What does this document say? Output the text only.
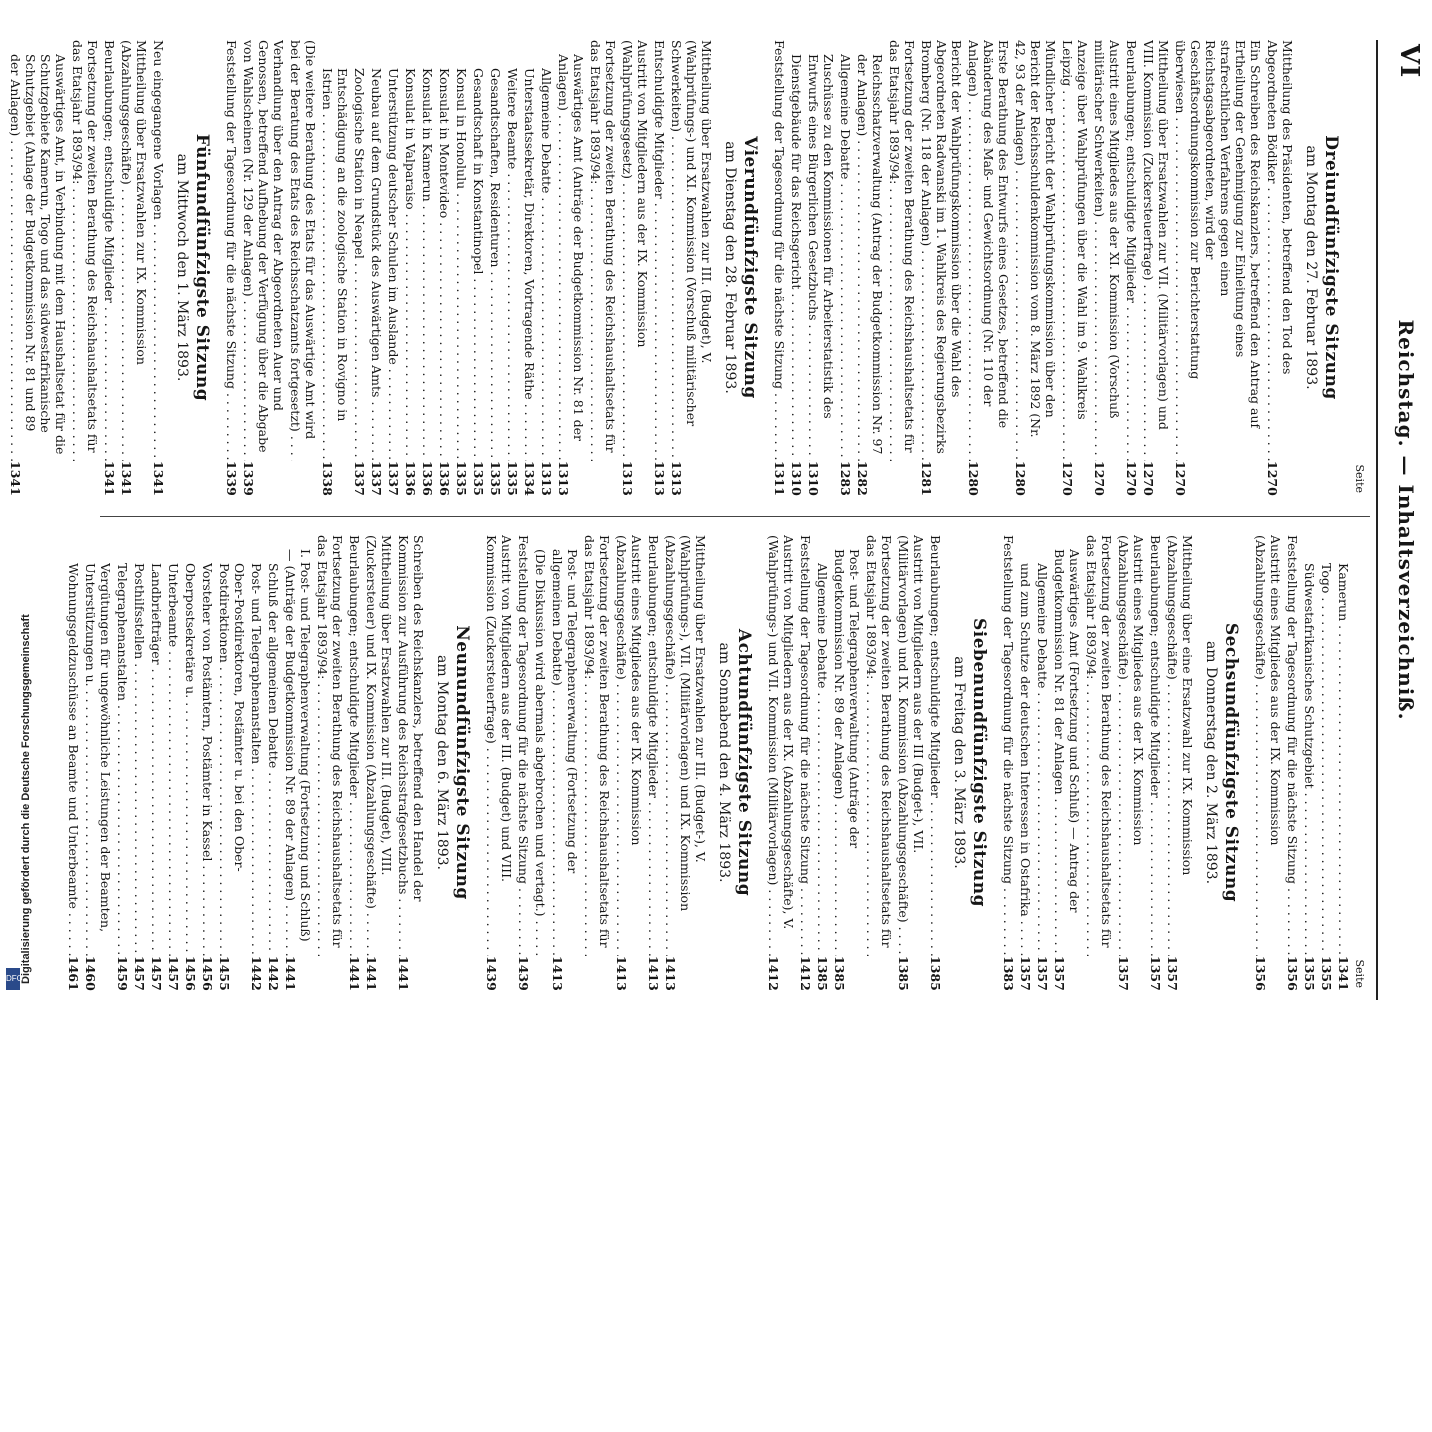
VI
Reichstag. — Inhaltsverzeichniß.
Seite
Dreiundfünfzigste Sitzung
am Montag den 27. Februar 1893.
Mittheilung des Präsidenten, betreffend den Tod des Abgeordneten Bödiker . . .
1270
Ein Schreiben des Reichskanzlers, betreffend den Antrag auf Ertheilung der Genehmigung zur Einleitung eines strafrechtlichen Verfahrens gegen einen Reichstagsabgeordneten, wird der Geschäftsordnungskommission zur Berichterstattung überwiesen . . .
1270
Mittheilung über Ersatzwahlen zur VII. (Militärvorlagen) und VIII. Kommission (Zuckersteuerfrage) . . .
1270
Beurlaubungen; entschuldigte Mitglieder . . .
1270
Austritt eines Mitgliedes aus der XI. Kommission (Vorschuß militärischer Schwerkeiten) . . .
1270
Anzeige über Wahlprüfungen über die Wahl im 9. Wahlkreis Leipzig . . .
1270
Mündlicher Bericht der Wahlprüfungskommission über den Bericht der Reichsschuldenkommission vom 8. März 1892 (Nr. 42, 93 der Anlagen) . . .
1280
Erste Berathung des Entwurfs eines Gesetzes, betreffend die Abänderung des Maß- und Gewichtsordnung (Nr. 110 der Anlagen) . . .
1280
Bericht der Wahlprüfungskommission über die Wahl des Abgeordneten Radwanski im 1. Wahlkreis des Regierungsbezirks Bromberg (Nr. 118 der Anlagen) . . .
1281
Fortsetzung der zweiten Berathung des Reichshaushaltsetats für das Etatsjahr 1893/94: . . .
Reichsschatzverwaltung (Antrag der Budgetkommission Nr. 97 der Anlagen) . . .
1282
Allgemeine Debatte . . .
1283
Zuschüsse zu den Kommissionen für Arbeiterstatistik des Entwurfs eines Bürgerlichen Gesetzbuchs . . .
1310
Dienstgebäude für das Reichsgericht . . .
1310
Feststellung der Tagesordnung für die nächste Sitzung . . .
1311
Vierundfünfzigste Sitzung
am Dienstag den 28. Februar 1893.
Mittheilung über Ersatzwahlen zur III. (Budget), V. (Wahlprüfungs-) und XI. Kommission (Vorschuß militärischer Schwerkeiten) . . .
1313
Entschuldigte Mitglieder . . .
1313
Austritt von Mitgliedern aus der IX. Kommission (Wahlprüfungsgesetz) . . .
1313
Fortsetzung der zweiten Berathung des Reichshaushaltsetats für das Etatsjahr 1893/94: . . .
Auswärtiges Amt (Anträge der Budgetkommission Nr. 81 der Anlagen) . . .
1313
Allgemeine Debatte . . .
1313
Unterstaatssekretär, Direktoren, Vortragende Räthe . . .
1334
Weitere Beamte . . .
1335
Gesandtschaften, Residenturen . . .
1335
Gesandtschaft in Konstantinopel . . .
1335
Konsul in Honolulu . . .
1335
Konsulat in Montevideo . . .
1336
Konsulat in Kamerun . . .
1336
Konsulat in Valparaiso . . .
1336
Unterstützung deutscher Schulen im Auslande . . .
1337
Neubau auf dem Grundstück des Auswärtigen Amts . . .
1337
Zoologische Station in Neapel . . .
1337
Entschädigung an die zoologische Station in Rovigno in Istrien . . .
1338
(Die weitere Berathung des Etats für das Auswärtige Amt wird bei der Beratung des Etats des Reichsschatzamts fortgesetzt) . . .
Verhandlung über den Antrag der Abgeordneten Auer und Genossen, betreffend Aufhebung der Verfügung über die Abgabe von Wahlscheinen (Nr. 129 der Anlagen) . . .
1339
Feststellung der Tagesordnung für die nächste Sitzung . . .
1339
Fünfundfünfzigste Sitzung
am Mittwoch den 1. März 1893.
Neu eingegangene Vorlagen . . .
1341
Mittheilung über Ersatzwahlen zur IX. Kommission (Abzahlungsgeschäfte) . . .
1341
Beurlaubungen; entschuldigte Mitglieder . . .
1341
Fortsetzung der zweiten Berathung des Reichshaushaltsetats für das Etatsjahr 1893/94: . . .
Auswärtiges Amt, in Verbindung mit dem Haushaltsetat für die Schutzgebiete Kamerun, Togo und das südwestafrikanische Schutzgebiet (Anlage der Budgetkommission Nr. 81 und 89 der Anlagen) . . .
1341
Seite
Kamerun . . .
1341
Togo . . .
1355
Südwestafrikanisches Schutzgebiet . . .
1355
Feststellung der Tagesordnung für die nächste Sitzung . . .
1356
Austritt eines Mitgliedes aus der IX. Kommission (Abzahlungsgeschäfte) . . .
1356
Sechsundfünfzigste Sitzung
am Donnerstag den 2. März 1893.
Mittheilung über eine Ersatzwahl zur IX. Kommission (Abzahlungsgeschäfte) . . .
1357
Beurlaubungen; entschuldigte Mitglieder . . .
1357
Austritt eines Mitgliedes aus der IX. Kommission (Abzahlungsgeschäfte) . . .
1357
Fortsetzung der zweiten Berathung des Reichshaushaltsetats für das Etatsjahr 1893/94: . . .
Auswärtiges Amt (Fortsetzung und Schluß) — Antrag der Budgetkommission Nr. 81 der Anlagen . . .
1357
Allgemeine Debatte . . .
1357
und zum Schutze der deutschen Interessen in Ostafrika . . .
1357
Feststellung der Tagesordnung für die nächste Sitzung . . .
1383
Siebenundfünfzigste Sitzung
am Freitag den 3. März 1893.
Beurlaubungen; entschuldigte Mitglieder . . .
1385
Austritt von Mitgliedern aus der III (Budget-), VII. (Militärvorlagen) und IX. Kommission (Abzahlungsgeschäfte) . . .
1385
Fortsetzung der zweiten Berathung des Reichshaushaltsetats für das Etatsjahr 1893/94: . . .
Post- und Telegraphenverwaltung (Anträge der Budgetkommission Nr. 89 der Anlagen) . . .
1385
Allgemeine Debatte . . .
1385
Feststellung der Tagesordnung für die nächste Sitzung . . .
1412
Austritt von Mitgliedern aus der IX. (Abzahlungsgeschäfte), V. (Wahlprüfungs-) und VII. Kommission (Militärvorlagen) . . .
1412
Achtundfünfzigste Sitzung
am Sonnabend den 4. März 1893.
Mittheilung über Ersatzwahlen zur III. (Budget-), V. (Wahlprüfungs-), VII. (Militärvorlagen) und IX. Kommission (Abzahlungsgeschäfte) . . .
1413
Beurlaubungen; entschuldigte Mitglieder . . .
1413
Austritt eines Mitgliedes aus der IX. Kommission (Abzahlungsgeschäfte) . . .
1413
Fortsetzung der zweiten Berathung des Reichshaushaltsetats für das Etatsjahr 1893/94: . . .
Post- und Telegraphenverwaltung (Fortsetzung der allgemeinen Debatte) . . .
1413
(Die Diskussion wird abermals abgebrochen und vertagt.) . . .
Feststellung der Tagesordnung für die nächste Sitzung . . .
1439
Austritt von Mitgliedern aus der III. (Budget) und VIII. Kommission (Zuckersteuerfrage) . . .
1439
Neunundfünfzigste Sitzung
am Montag den 6. März 1893.
Schreiben des Reichskanzlers, betreffend den Handel der Kommission zur Ausführung des Reichsstrafgesetzbuchs . . .
1441
Mittheilung über Ersatzwahlen zur III. (Budget), VIII. (Zuckersteuer) und IX. Kommission (Abzahlungsgeschäfte) . . .
1441
Beurlaubungen; entschuldigte Mitglieder . . .
1441
Fortsetzung der zweiten Berathung des Reichshaushaltsetats für das Etatsjahr 1893/94: . . .
I. Post- und Telegraphenverwaltung (Fortsetzung und Schluß) — (Anträge der Budgetkommission Nr. 89 der Anlagen) . . .
1441
Schluß der allgemeinen Debatte . . .
1442
Post- und Telegraphenanstalten . . .
1442
Ober-Postdirektoren, Postämter u. bei den Ober-Postdirektionen . . .
1455
Vorsteher von Postämtern, Postämter in Kassel . . .
1456
Oberpostsekretäre u. . . .
1456
Unterbeamte . . .
1457
Landbriefträger . . .
1457
Posthilfsstellen . . .
1457
Telegraphenanstalten . . .
1459
Vergütungen für ungewöhnliche Leistungen der Beamten, Unterstützungen u. . . .
1460
Wohnungsgeldzuschüsse an Beamte und Unterbeamte . . .
1461
Digitalisierung gefördert durch die Deutsche Forschungsgemeinschaft
DFG
